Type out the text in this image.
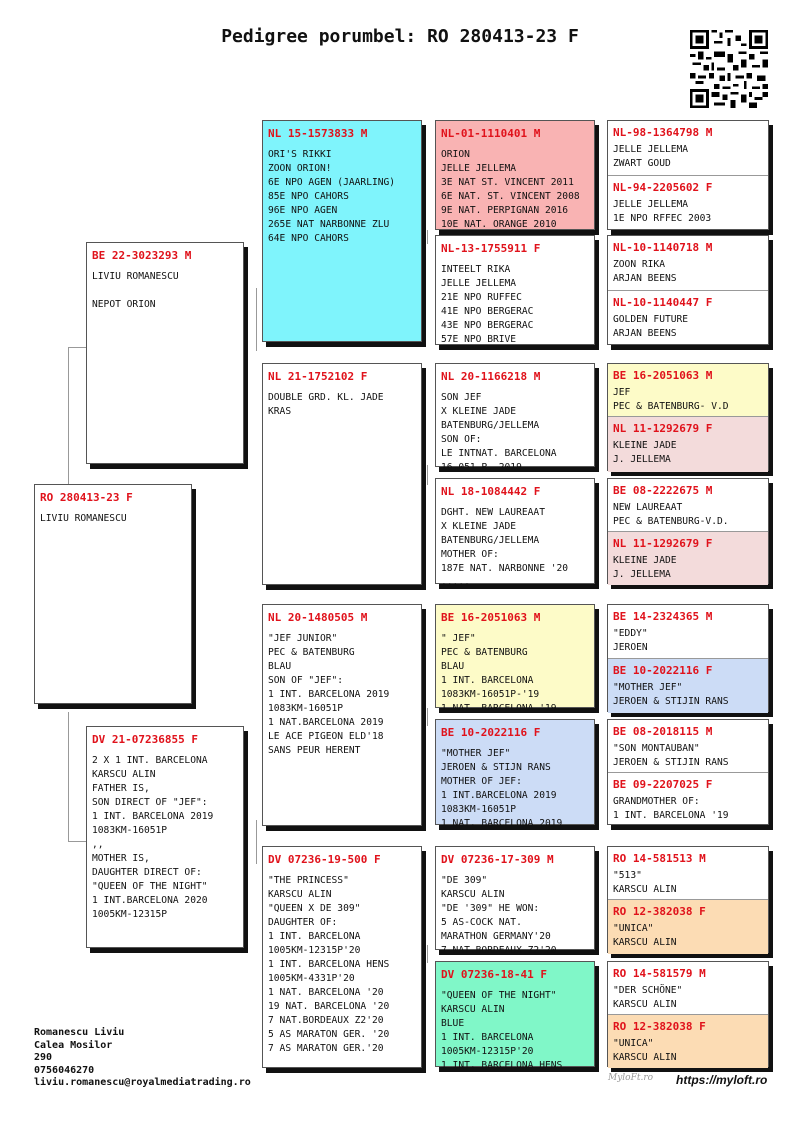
Pedigree porumbel: RO 280413-23 F
RO 280413-23 F
LIVIU ROMANESCU
BE 22-3023293 M
LIVIU ROMANESCU

NEPOT ORION
DV 21-07236855 F
2 X 1 INT. BARCELONA
KARSCU ALIN
FATHER IS,
SON DIRECT OF "JEF":
1 INT. BARCELONA 2019
1083KM-16051P
,,
MOTHER IS,
DAUGHTER DIRECT OF:
"QUEEN OF THE NIGHT"
1 INT.BARCELONA 2020
1005KM-12315P
NL 15-1573833 M
ORI'S RIKKI
ZOON ORION!
6E NPO AGEN (JAARLING)
85E NPO CAHORS
96E NPO AGEN
265E NAT NARBONNE ZLU
64E NPO CAHORS
NL 21-1752102 F
DOUBLE GRD. KL. JADE
KRAS
NL 20-1480505 M
"JEF JUNIOR"
PEC & BATENBURG
BLAU
SON OF "JEF":
1 INT. BARCELONA 2019
1083KM-16051P
1 NAT.BARCELONA 2019
LE ACE PIGEON ELD'18
SANS PEUR HERENT
DV 07236-19-500 F
"THE PRINCESS"
KARSCU ALIN
"QUEEN X DE 309"
DAUGHTER OF:
1 INT. BARCELONA
1005KM-12315P'20
1 INT. BARCELONA HENS
1005KM-4331P'20
1 NAT. BARCELONA '20
19 NAT. BARCELONA '20
7 NAT.BORDEAUX Z2'20
5 AS MARATON GER. '20
7 AS MARATON GER.'20
NL-01-1110401 M
ORION
JELLE JELLEMA
3E NAT ST. VINCENT 2011
6E NAT. ST. VINCENT 2008
9E NAT. PERPIGNAN 2016
10E NAT. ORANGE 2010
NL-13-1755911 F
INTEELT RIKA
JELLE JELLEMA
21E NPO RUFFEC
41E NPO BERGERAC
43E NPO BERGERAC
57E NPO BRIVE
NL 20-1166218 M
SON JEF
X KLEINE JADE
BATENBURG/JELLEMA
SON OF:
LE INTNAT. BARCELONA
16.051 P. 2019
NL 18-1084442 F
DGHT. NEW LAUREAAT
X KLEINE JADE
BATENBURG/JELLEMA
MOTHER OF:
187E NAT. NARBONNE '20
.....
BE 16-2051063 M
" JEF"
PEC & BATENBURG
BLAU
1 INT. BARCELONA
1083KM-16051P-'19
1 NAT. BARCELONA '19
BE 10-2022116 F
"MOTHER JEF"
JEROEN & STIJN RANS
MOTHER OF JEF:
1 INT.BARCELONA 2019
1083KM-16051P
1 NAT. BARCELONA 2019
DV 07236-17-309 M
"DE 309"
KARSCU ALIN
"DE '309" HE WON:
5 AS-COCK NAT.
MARATHON GERMANY'20
7 NAT.BORDEAUX Z2'20
DV 07236-18-41 F
"QUEEN OF THE NIGHT"
KARSCU ALIN
BLUE
1 INT. BARCELONA
1005KM-12315P'20
1 INT. BARCELONA HENS
NL-98-1364798 M
JELLE JELLEMA
ZWART GOUD
NL-94-2205602 F
JELLE JELLEMA
1E NPO RFFEC 2003
NL-10-1140718 M
ZOON RIKA
ARJAN BEENS
NL-10-1140447 F
GOLDEN FUTURE
ARJAN BEENS
BE 16-2051063 M
JEF
PEC & BATENBURG- V.D
NL 11-1292679 F
KLEINE JADE
J. JELLEMA
BE 08-2222675 M
NEW LAUREAAT
PEC & BATENBURG-V.D.
NL 11-1292679 F
KLEINE JADE
J. JELLEMA
BE 14-2324365 M
"EDDY"
JEROEN
BE 10-2022116 F
"MOTHER JEF"
JEROEN & STIJIN RANS
BE 08-2018115 M
"SON MONTAUBAN"
JEROEN & STIJIN RANS
BE 09-2207025 F
GRANDMOTHER OF:
1 INT. BARCELONA '19
RO 14-581513 M
"513"
KARSCU ALIN
RO 12-382038 F
"UNICA"
KARSCU ALIN
RO 14-581579 M
"DER SCHÖNE"
KARSCU ALIN
RO 12-382038 F
"UNICA"
KARSCU ALIN
Romanescu Liviu
Calea Mosilor
290
0756046270
liviu.romanescu@royalmediatrading.ro	MyloFt.ro https://myloft.ro
